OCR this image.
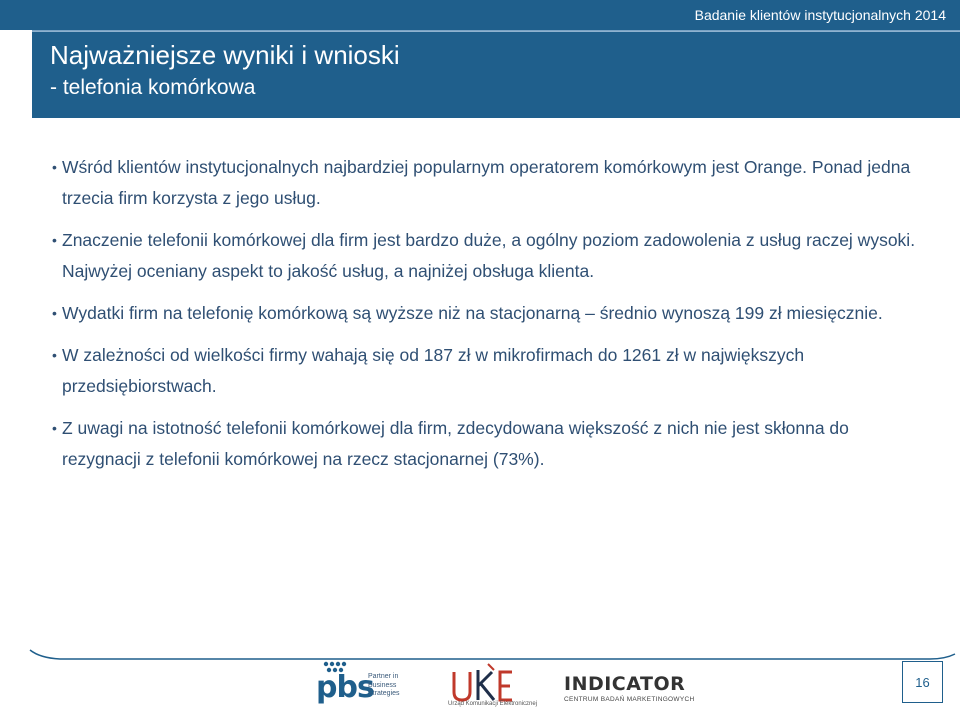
Badanie klientów instytucjonalnych 2014
Najważniejsze wyniki i wnioski
- telefonia komórkowa
• Wśród klientów instytucjonalnych najbardziej popularnym operatorem komórkowym jest Orange. Ponad jedna trzecia firm korzysta z jego usług.
• Znaczenie telefonii komórkowej dla firm jest bardzo duże, a ogólny poziom zadowolenia z usług raczej wysoki. Najwyżej oceniany aspekt to jakość usług, a najniżej obsługa klienta.
• Wydatki firm na telefonię komórkową są wyższe niż na stacjonarną – średnio wynoszą 199 zł miesięcznie.
• W zależności od wielkości firmy wahają się od 187 zł w mikrofirmach do 1261 zł w największych przedsiębiorstwach.
• Z uwagi na istotność telefonii komórkowej dla firm, zdecydowana większość z nich nie jest skłonna do rezygnacji z telefonii komórkowej na rzecz stacjonarnej (73%).
pbs
Partner in
Business
Strategies
Urząd Komunikacji Elektronicznej
INDICATOR
CENTRUM BADAŃ MARKETINGOWYCH
16
